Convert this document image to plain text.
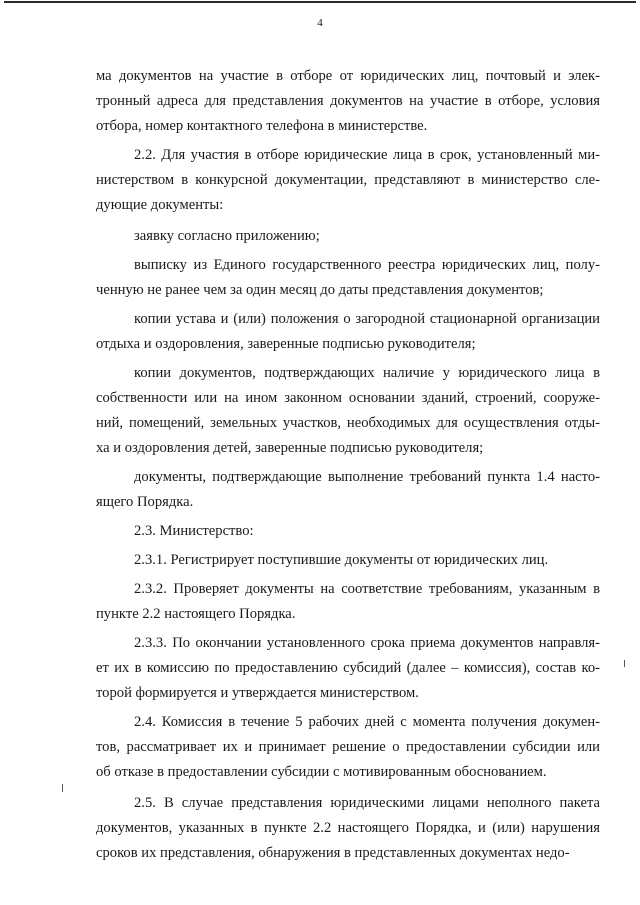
4

ма документов на участие в отборе от юридических лиц, почтовый и элек-

тронный адреса для представления документов на участие в отборе, условия

отбора, номер контактного телефона в министерстве.

2.2. Для участия в отборе юридические лица в срок, установленный ми-

нистерством в конкурсной документации, представляют в министерство сле-

дующие документы:

заявку согласно приложению;

выписку из Единого государственного реестра юридических лиц, полу-

ченную не ранее чем за один месяц до даты представления документов;

копии устава и (или) положения о загородной стационарной организации

отдыха и оздоровления, заверенные подписью руководителя;

копии документов, подтверждающих наличие у юридического лица в

собственности или на ином законном основании зданий, строений, сооруже-

ний, помещений, земельных участков, необходимых для осуществления отды-

ха и оздоровления детей, заверенные подписью руководителя;

документы, подтверждающие выполнение требований пункта 1.4 насто-

ящего Порядка.

2.3. Министерство:

2.3.1. Регистрирует поступившие документы от юридических лиц.

2.3.2. Проверяет документы на соответствие требованиям, указанным в

пункте 2.2 настоящего Порядка.

2.3.3. По окончании установленного срока приема документов направля-

ет их в комиссию по предоставлению субсидий (далее – комиссия), состав ко-

торой формируется и утверждается министерством.

2.4. Комиссия в течение 5 рабочих дней с момента получения докумен-

тов, рассматривает их и принимает решение о предоставлении субсидии или

об отказе в предоставлении субсидии с мотивированным обоснованием.

2.5. В случае представления юридическими лицами неполного пакета

документов, указанных в пункте 2.2 настоящего Порядка, и (или) нарушения

сроков их представления, обнаружения в представленных документах недо-
